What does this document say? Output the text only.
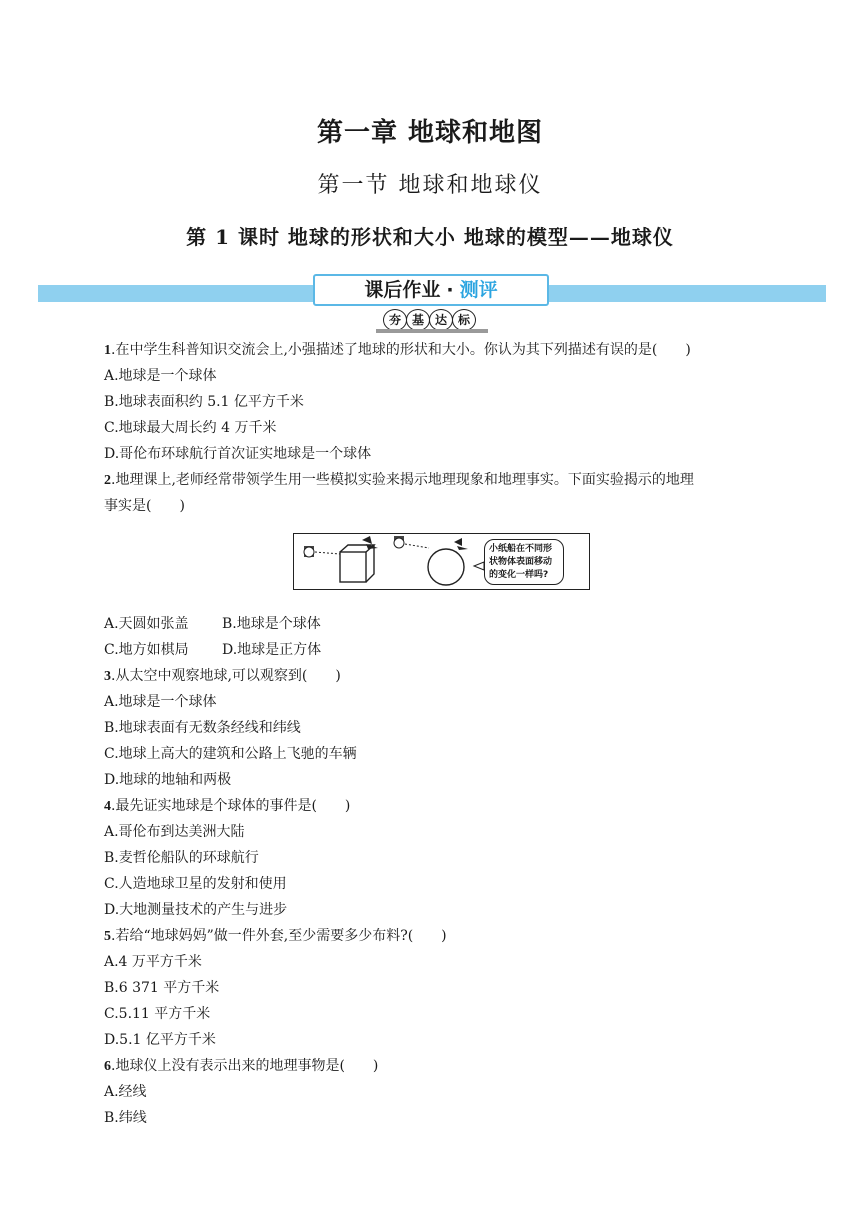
第一章 地球和地图
第一节 地球和地球仪
第 1 课时 地球的形状和大小 地球的模型——地球仪
课后作业 · 测评
夯 基 达 标
1.在中学生科普知识交流会上,小强描述了地球的形状和大小。你认为其下列描述有误的是(　　)
A.地球是一个球体
B.地球表面积约 5.1 亿平方千米
C.地球最大周长约 4 万千米
D.哥伦布环球航行首次证实地球是一个球体
2.地理课上,老师经常带领学生用一些模拟实验来揭示地理现象和地理事实。下面实验揭示的地理
事实是(　　)
小纸船在不同形状物体表面移动的变化一样吗?
A.天圆如张盖	B.地球是个球体
C.地方如棋局	D.地球是正方体
3.从太空中观察地球,可以观察到(　　)
A.地球是一个球体
B.地球表面有无数条经线和纬线
C.地球上高大的建筑和公路上飞驰的车辆
D.地球的地轴和两极
4.最先证实地球是个球体的事件是(　　)
A.哥伦布到达美洲大陆
B.麦哲伦船队的环球航行
C.人造地球卫星的发射和使用
D.大地测量技术的产生与进步
5.若给“地球妈妈”做一件外套,至少需要多少布料?(　　)
A.4 万平方千米
B.6 371 平方千米
C.5.11 平方千米
D.5.1 亿平方千米
6.地球仪上没有表示出来的地理事物是(　　)
A.经线
B.纬线
